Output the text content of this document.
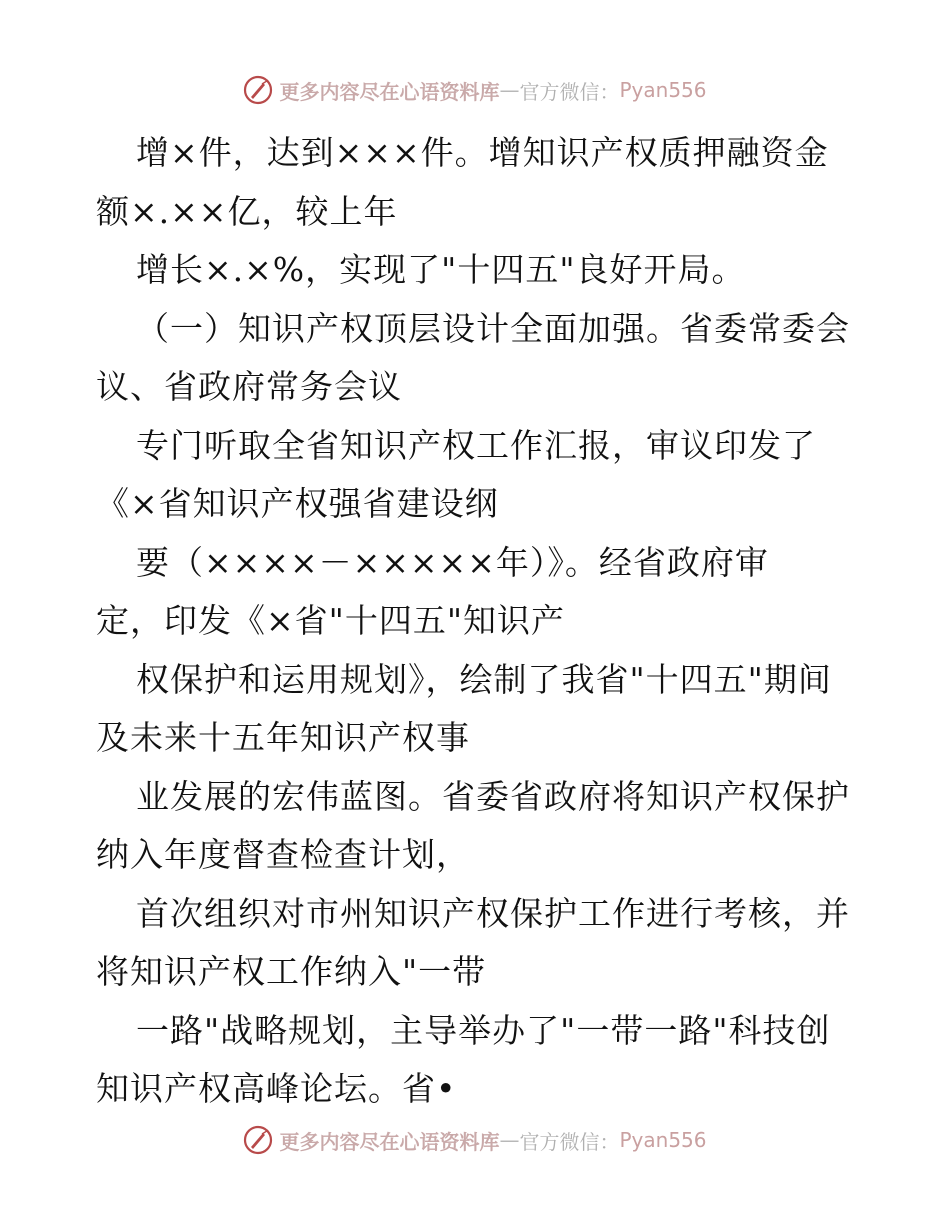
更多内容尽在心语资料库 — 官方微信： Pyan556
增×件，达到×××件。增知识产权质押融资金
额×.××亿，较上年
增长×.×%，实现了"十四五"良好开局。
（一）知识产权顶层设计全面加强。省委常委会
议、省政府常务会议
专门听取全省知识产权工作汇报，审议印发了
《×省知识产权强省建设纲
要（××××－×××××年）》。经省政府审
定，印发《×省"十四五"知识产
权保护和运用规划》，绘制了我省"十四五"期间
及未来十五年知识产权事
业发展的宏伟蓝图。省委省政府将知识产权保护
纳入年度督查检查计划，
首次组织对市州知识产权保护工作进行考核，并
将知识产权工作纳入"一带
一路"战略规划，主导举办了"一带一路"科技创
知识产权高峰论坛。省•
更多内容尽在心语资料库 — 官方微信： Pyan556
